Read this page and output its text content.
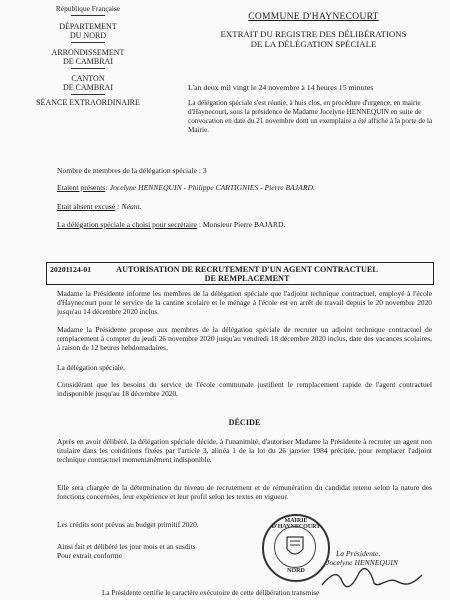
République Française
DÉPARTEMENT
DU NORD
ARRONDISSEMENT
DE CAMBRAI
CANTON
DE CAMBRAI
SÉANCE EXTRAORDINAIRE
COMMUNE D'HAYNECOURT
EXTRAIT DU REGISTRE DES DÉLIBÉRATIONS
DE LA DÉLÉGATION SPÉCIALE
L'an deux mil vingt le 24 novembre à 14 heures 15 minutes
La délégation spéciale s'est réunie, à huis clos, en procédure d'urgence, en mairie d'Haynecourt, sous la présidence de Madame Jocelyne HENNEQUIN en suite de convocation en date du 21 novembre dont un exemplaire a été affiché à la porte de la Mairie.
Nombre de membres de la délégation spéciale : 3
Etaient présents: Jocelyne HENNEQUIN - Philippe CARTIGNIES - Pierre BAJARD.
Etait absent excusé : Néant.
La délégation spéciale a choisi pour secrétaire : Monsieur Pierre BAJARD.
20201124-01	AUTORISATION DE RECRUTEMENT D'UN AGENT CONTRACTUEL
DE REMPLACEMENT
Madame la Présidente informe les membres de la délégation spéciale que l'adjoint technique contractuel, employé à l'école d'Haynecourt pour le service de la cantine scolaire et le ménage à l'école est en arrêt de travail depuis le 20 novembre 2020 jusqu'au 14 décembre 2020 inclus.
Madame la Présidente propose aux membres de la délégation spéciale de recruter un adjoint technique contractuel de remplacement à compter du jeudi 26 novembre 2020 jusqu'au vendredi 18 décembre 2020 inclus, date des vacances scolaires, à raison de 12 heures hebdomadaires.
La délégation spéciale,
Considérant que les besoins du service de l'école communale justifient le remplacement rapide de l'agent contractuel indisponible jusqu'au 18 décembre 2020.
DÉCIDE
Après en avoir délibéré, la délégation spéciale décide, à l'unanimité, d'autoriser Madame la Présidente à recruter un agent non titulaire dans les conditions fixées par l'article 3, alinéa 1 de la loi du 26 janvier 1984 précitée, pour remplacer l'adjoint technique contractuel momentanément indisponible.
Elle sera chargée de la détermination du niveau de recrutement et de rémunération du candidat retenu selon la nature des fonctions concernées, leur expérience et leur profil selon les textes en vigueur.
Les crédits sont prévus au budget primitif 2020.
Ainsi fait et délibéré les jour mois et an susdits
Pour extrait conforme
MAIRIE D'HAYNECOURT
NORD
La Présidente,
Jocelyne HENNEQUIN
La Présidente certifie le caractère exécutoire de cette délibération transmise
